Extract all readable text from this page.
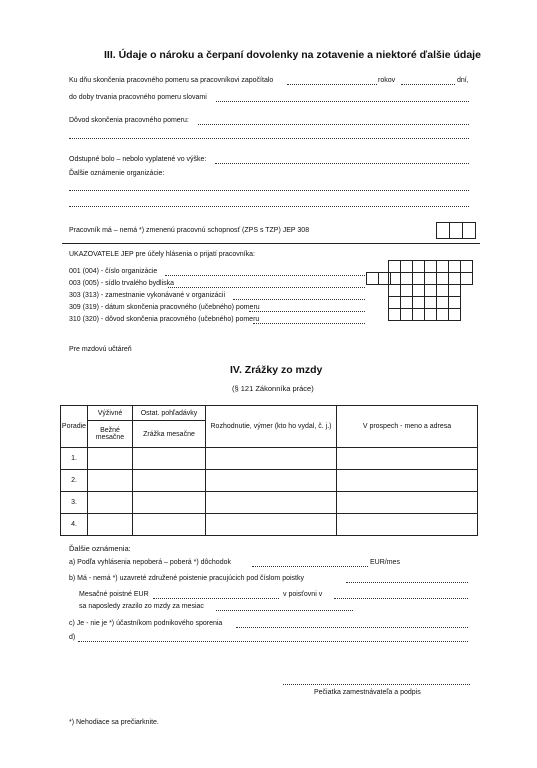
III. Údaje o nároku a čerpaní dovolenky na zotavenie a niektoré ďalšie údaje
Ku dňu skončenia pracovného pomeru sa pracovníkovi započítalo	rokov	dní,
do doby trvania pracovného pomeru slovami
Dôvod skončenia pracovného pomeru:
Odstupné bolo – nebolo vyplatené vo výške:
Ďalšie oznámenie organizácie:
Pracovník má – nemá *) zmenenú pracovnú schopnosť (ZPS s TZP) JEP 308

UKAZOVATELE JEP pre účely hlásenia o prijatí pracovníka:
001 (004) - číslo organizácie
003 (005) - sídlo trvalého bydliska
303 (313) - zamestnanie vykonávané v organizácii
309 (319) - dátum skončenia pracovného (učebného) pomeru
310 (320) - dôvod skončenia pracovného (učebného) pomeru

Pre mzdovú učtáreň
IV. Zrážky zo mzdy
(§ 121 Zákonníka práce)
Poradie	Výživné	Ostat. pohľadávky	Rozhodnutie, výmer (kto ho vydal, č. j.)	V prospech - meno a adresa
	Bežné mesačne	Zrážka mesačne		
1.				
2.				
3.				
4.				
Ďalšie oznámenia:
a) Podľa vyhlásenia nepoberá – poberá *) dôchodok	EUR/mes
b) Má - nemá *) uzavreté združené poistenie pracujúcich pod číslom poistky
Mesačné poistné EUR	v poisťovni v
sa naposledy zrazilo zo mzdy za mesiac
c) Je - nie je *) účastníkom podnikového sporenia
d)
Pečiatka zamestnávateľa a podpis
*) Nehodiace sa prečiarknite.
